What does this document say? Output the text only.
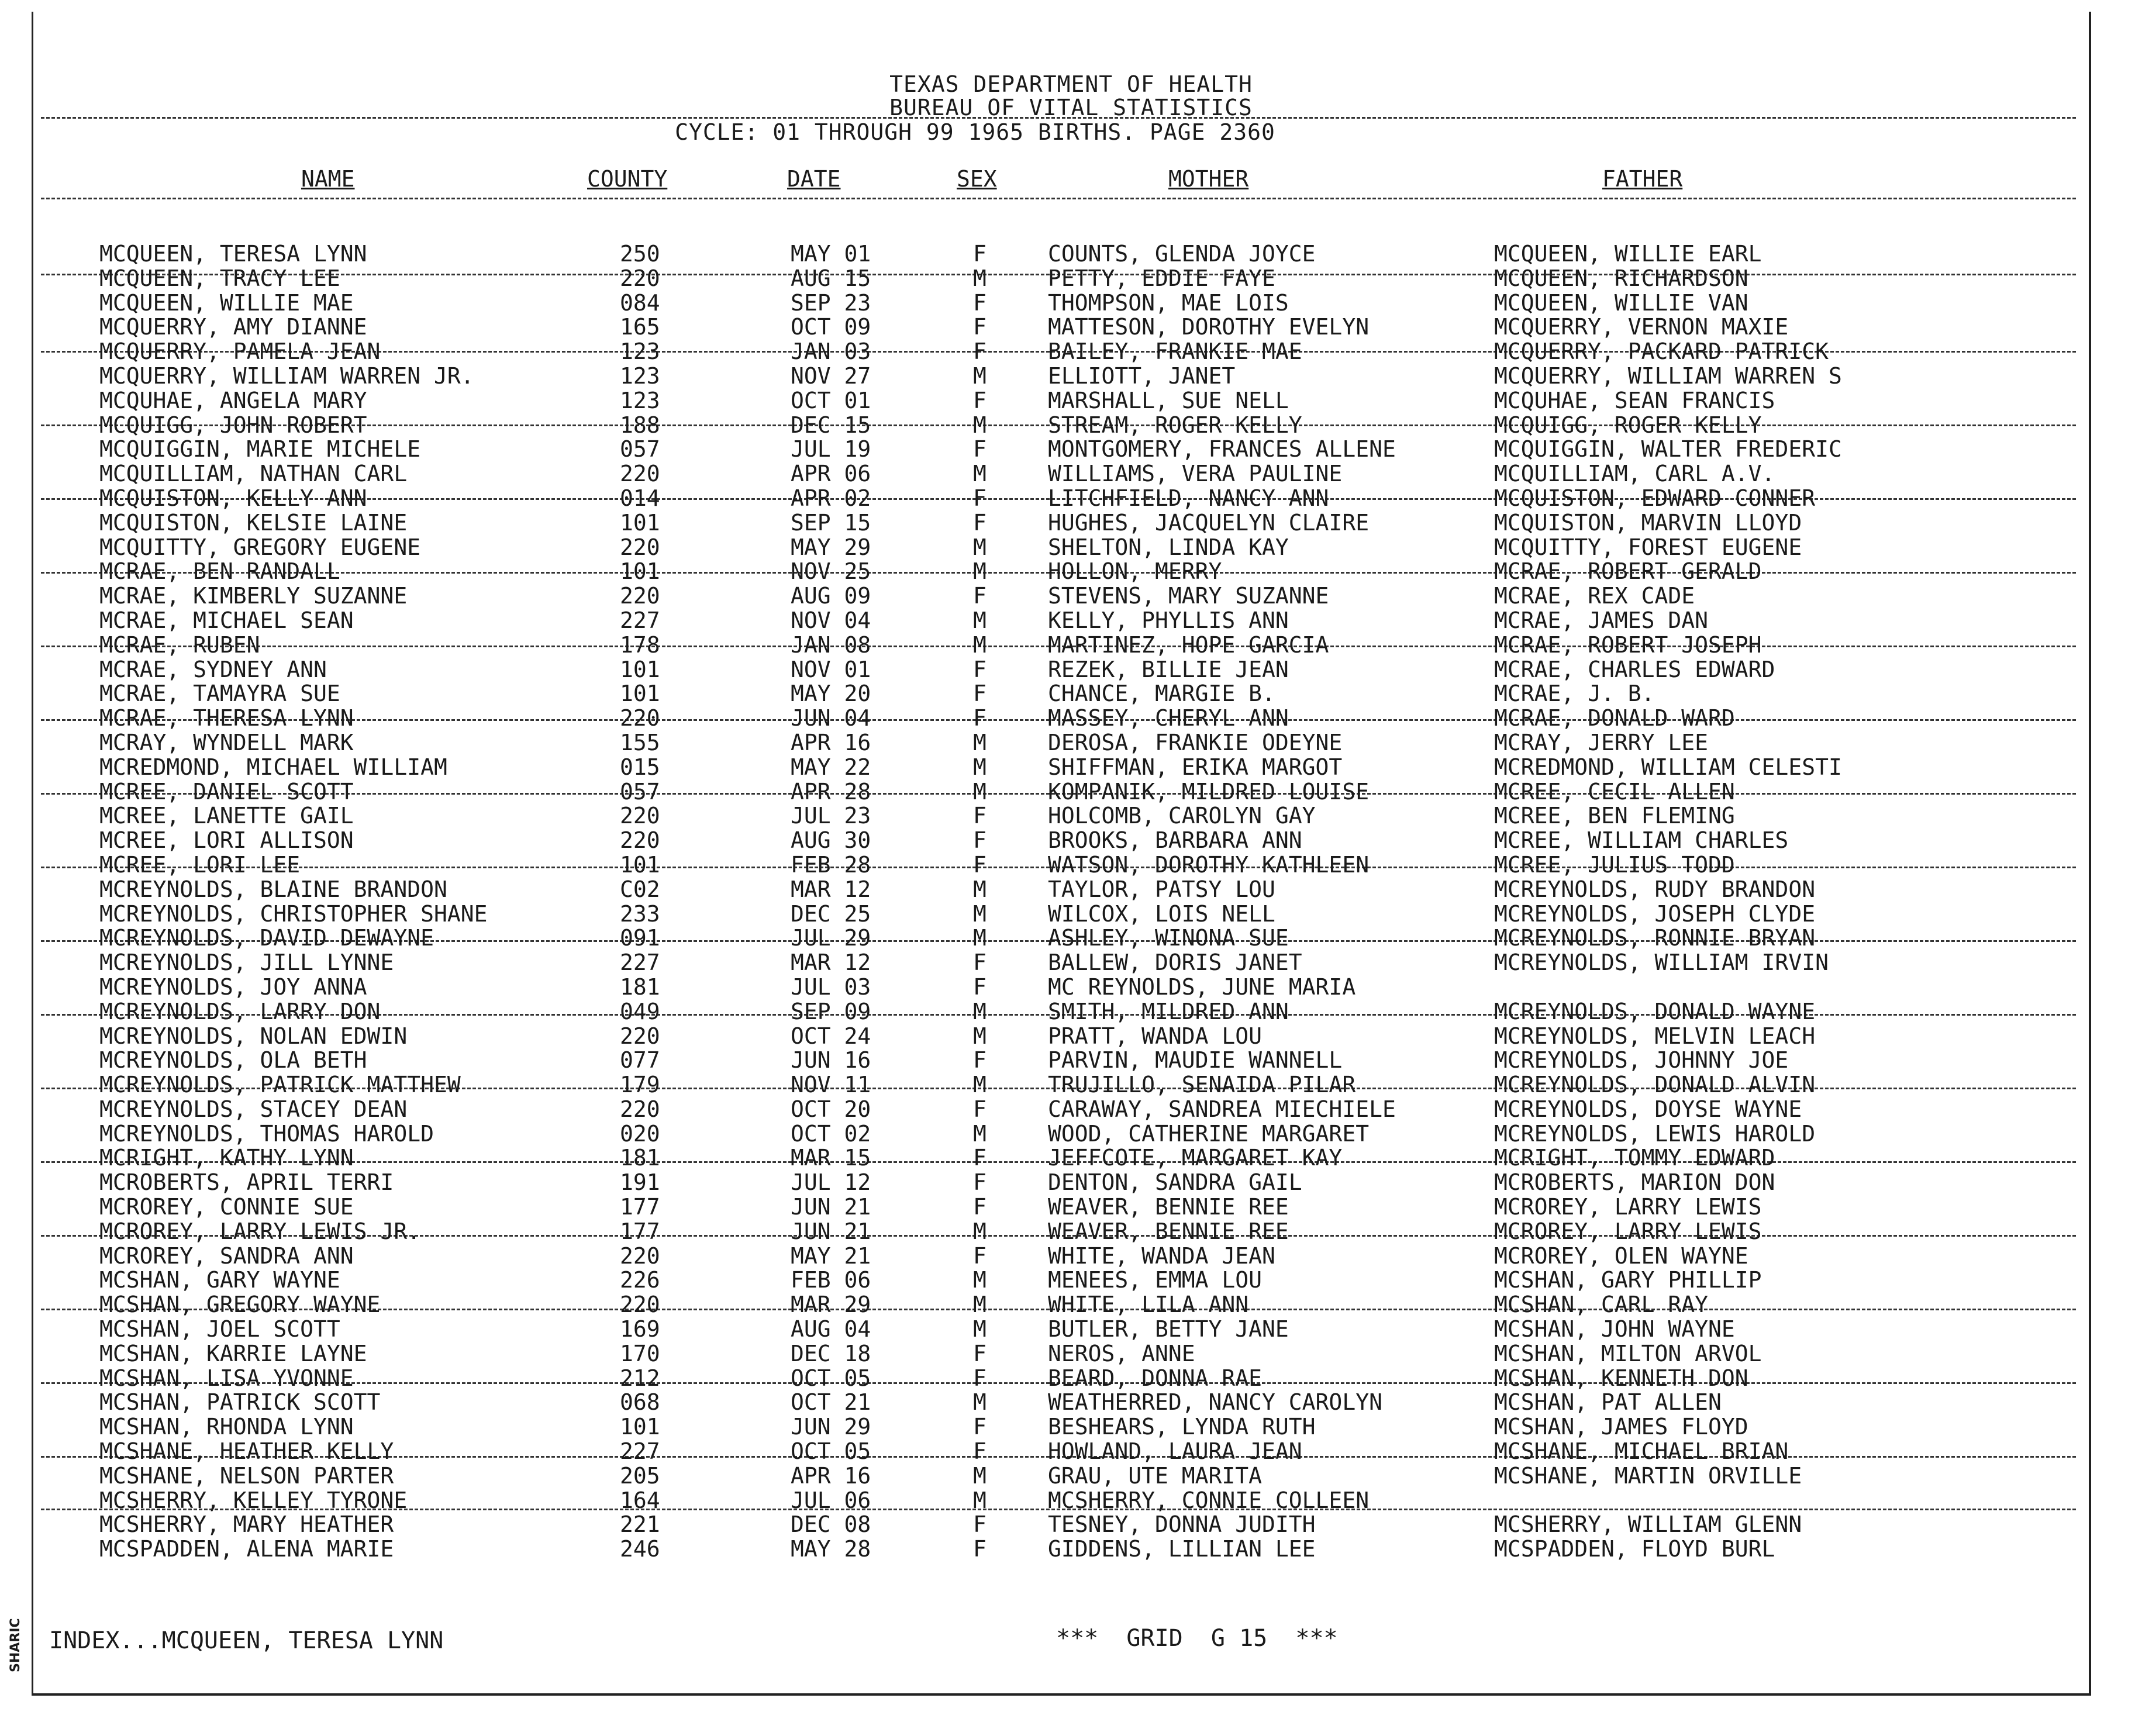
TEXAS DEPARTMENT OF HEALTH
BUREAU OF VITAL STATISTICS
CYCLE: 01 THROUGH 99 1965 BIRTHS. PAGE 2360
NAME	COUNTY	DATE	SEX	MOTHER	FATHER
MCQUEEN, TERESA LYNN	250	MAY 01	F	COUNTS, GLENDA JOYCE	MCQUEEN, WILLIE EARL
MCQUEEN, TRACY LEE	220	AUG 15	M	PETTY, EDDIE FAYE	MCQUEEN, RICHARDSON
MCQUEEN, WILLIE MAE	084	SEP 23	F	THOMPSON, MAE LOIS	MCQUEEN, WILLIE VAN
MCQUERRY, AMY DIANNE	165	OCT 09	F	MATTESON, DOROTHY EVELYN	MCQUERRY, VERNON MAXIE
MCQUERRY, PAMELA JEAN	123	JAN 03	F	BAILEY, FRANKIE MAE	MCQUERRY, PACKARD PATRICK
MCQUERRY, WILLIAM WARREN JR.	123	NOV 27	M	ELLIOTT, JANET	MCQUERRY, WILLIAM WARREN S
MCQUHAE, ANGELA MARY	123	OCT 01	F	MARSHALL, SUE NELL	MCQUHAE, SEAN FRANCIS
MCQUIGG, JOHN ROBERT	188	DEC 15	M	STREAM, ROGER KELLY	MCQUIGG, ROGER KELLY
MCQUIGGIN, MARIE MICHELE	057	JUL 19	F	MONTGOMERY, FRANCES ALLENE	MCQUIGGIN, WALTER FREDERIC
MCQUILLIAM, NATHAN CARL	220	APR 06	M	WILLIAMS, VERA PAULINE	MCQUILLIAM, CARL A.V.
MCQUISTON, KELLY ANN	014	APR 02	F	LITCHFIELD, NANCY ANN	MCQUISTON, EDWARD CONNER
MCQUISTON, KELSIE LAINE	101	SEP 15	F	HUGHES, JACQUELYN CLAIRE	MCQUISTON, MARVIN LLOYD
MCQUITTY, GREGORY EUGENE	220	MAY 29	M	SHELTON, LINDA KAY	MCQUITTY, FOREST EUGENE
MCRAE, BEN RANDALL	101	NOV 25	M	HOLLON, MERRY	MCRAE, ROBERT GERALD
MCRAE, KIMBERLY SUZANNE	220	AUG 09	F	STEVENS, MARY SUZANNE	MCRAE, REX CADE
MCRAE, MICHAEL SEAN	227	NOV 04	M	KELLY, PHYLLIS ANN	MCRAE, JAMES DAN
MCRAE, RUBEN	178	JAN 08	M	MARTINEZ, HOPE GARCIA	MCRAE, ROBERT JOSEPH
MCRAE, SYDNEY ANN	101	NOV 01	F	REZEK, BILLIE JEAN	MCRAE, CHARLES EDWARD
MCRAE, TAMAYRA SUE	101	MAY 20	F	CHANCE, MARGIE B.	MCRAE, J. B.
MCRAE, THERESA LYNN	220	JUN 04	F	MASSEY, CHERYL ANN	MCRAE, DONALD WARD
MCRAY, WYNDELL MARK	155	APR 16	M	DEROSA, FRANKIE ODEYNE	MCRAY, JERRY LEE
MCREDMOND, MICHAEL WILLIAM	015	MAY 22	M	SHIFFMAN, ERIKA MARGOT	MCREDMOND, WILLIAM CELESTI
MCREE, DANIEL SCOTT	057	APR 28	M	KOMPANIK, MILDRED LOUISE	MCREE, CECIL ALLEN
MCREE, LANETTE GAIL	220	JUL 23	F	HOLCOMB, CAROLYN GAY	MCREE, BEN FLEMING
MCREE, LORI ALLISON	220	AUG 30	F	BROOKS, BARBARA ANN	MCREE, WILLIAM CHARLES
MCREE, LORI LEE	101	FEB 28	F	WATSON, DOROTHY KATHLEEN	MCREE, JULIUS TODD
MCREYNOLDS, BLAINE BRANDON	C02	MAR 12	M	TAYLOR, PATSY LOU	MCREYNOLDS, RUDY BRANDON
MCREYNOLDS, CHRISTOPHER SHANE	233	DEC 25	M	WILCOX, LOIS NELL	MCREYNOLDS, JOSEPH CLYDE
MCREYNOLDS, DAVID DEWAYNE	091	JUL 29	M	ASHLEY, WINONA SUE	MCREYNOLDS, RONNIE BRYAN
MCREYNOLDS, JILL LYNNE	227	MAR 12	F	BALLEW, DORIS JANET	MCREYNOLDS, WILLIAM IRVIN
MCREYNOLDS, JOY ANNA	181	JUL 03	F	MC REYNOLDS, JUNE MARIA
MCREYNOLDS, LARRY DON	049	SEP 09	M	SMITH, MILDRED ANN	MCREYNOLDS, DONALD WAYNE
MCREYNOLDS, NOLAN EDWIN	220	OCT 24	M	PRATT, WANDA LOU	MCREYNOLDS, MELVIN LEACH
MCREYNOLDS, OLA BETH	077	JUN 16	F	PARVIN, MAUDIE WANNELL	MCREYNOLDS, JOHNNY JOE
MCREYNOLDS, PATRICK MATTHEW	179	NOV 11	M	TRUJILLO, SENAIDA PILAR	MCREYNOLDS, DONALD ALVIN
MCREYNOLDS, STACEY DEAN	220	OCT 20	F	CARAWAY, SANDREA MIECHIELE	MCREYNOLDS, DOYSE WAYNE
MCREYNOLDS, THOMAS HAROLD	020	OCT 02	M	WOOD, CATHERINE MARGARET	MCREYNOLDS, LEWIS HAROLD
MCRIGHT, KATHY LYNN	181	MAR 15	F	JEFFCOTE, MARGARET KAY	MCRIGHT, TOMMY EDWARD
MCROBERTS, APRIL TERRI	191	JUL 12	F	DENTON, SANDRA GAIL	MCROBERTS, MARION DON
MCROREY, CONNIE SUE	177	JUN 21	F	WEAVER, BENNIE REE	MCROREY, LARRY LEWIS
MCROREY, LARRY LEWIS JR.	177	JUN 21	M	WEAVER, BENNIE REE	MCROREY, LARRY LEWIS
MCROREY, SANDRA ANN	220	MAY 21	F	WHITE, WANDA JEAN	MCROREY, OLEN WAYNE
MCSHAN, GARY WAYNE	226	FEB 06	M	MENEES, EMMA LOU	MCSHAN, GARY PHILLIP
MCSHAN, GREGORY WAYNE	220	MAR 29	M	WHITE, LILA ANN	MCSHAN, CARL RAY
MCSHAN, JOEL SCOTT	169	AUG 04	M	BUTLER, BETTY JANE	MCSHAN, JOHN WAYNE
MCSHAN, KARRIE LAYNE	170	DEC 18	F	NEROS, ANNE	MCSHAN, MILTON ARVOL
MCSHAN, LISA YVONNE	212	OCT 05	F	BEARD, DONNA RAE	MCSHAN, KENNETH DON
MCSHAN, PATRICK SCOTT	068	OCT 21	M	WEATHERRED, NANCY CAROLYN	MCSHAN, PAT ALLEN
MCSHAN, RHONDA LYNN	101	JUN 29	F	BESHEARS, LYNDA RUTH	MCSHAN, JAMES FLOYD
MCSHANE, HEATHER KELLY	227	OCT 05	F	HOWLAND, LAURA JEAN	MCSHANE, MICHAEL BRIAN
MCSHANE, NELSON PARTER	205	APR 16	M	GRAU, UTE MARITA	MCSHANE, MARTIN ORVILLE
MCSHERRY, KELLEY TYRONE	164	JUL 06	M	MCSHERRY, CONNIE COLLEEN
MCSHERRY, MARY HEATHER	221	DEC 08	F	TESNEY, DONNA JUDITH	MCSHERRY, WILLIAM GLENN
MCSPADDEN, ALENA MARIE	246	MAY 28	F	GIDDENS, LILLIAN LEE	MCSPADDEN, FLOYD BURL
INDEX...MCQUEEN, TERESA LYNN	***  GRID  G 15  ***
SHARIC
